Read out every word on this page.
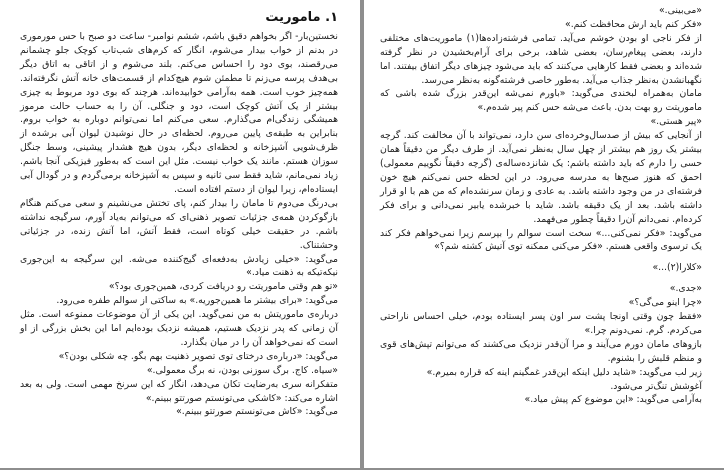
۱. ماموریت

نخستین‌بار- اگر بخواهم دقیق باشم، ششم نوامبر- ساعت دو صبح با حس مورموری در بدنم از خواب بیدار می‌شوم، انگار که کرم‌های شب‌تاب کوچک جلو چشمانم می‌رقصند، بوی دود را احساس می‌کنم. بلند می‌شوم و از اتاقی به اتاق دیگر بی‌هدف پرسه می‌زنم تا مطمئن شوم هیچ‌کدام از قسمت‌های خانه آتش نگرفته‌اند. همه‌چیز خوب است. همه به‌آرامی خوابیده‌اند. هرچند که بوی دود مربوط به چیزی بیشتر از یک آتش کوچک است، دود و جنگلی. آن را به حساب حالت مرموز همیشگی زندگی‌ام می‌گذارم. سعی می‌کنم اما نمی‌توانم دوباره به خواب بروم. بنابراین به طبقه‌ی پایین می‌روم. لحظه‌ای در حال نوشیدن لیوان آبی برشده از ظرف‌شویی آشپزخانه و لحظه‌ای دیگر، بدون هیچ هشدار پیشینی، وسط جنگل سوزان هستم. مانند یک خواب نیست. مثل این است که به‌طور فیزیکی آنجا باشم. زیاد نمی‌مانم، شاید فقط سی ثانیه و سپس به آشپزخانه برمی‌گردم و در گودال آبی ایستاده‌ام، زیرا لیوان از دستم افتاده است.

بی‌درنگ می‌دوم تا مامان را بیدار کنم، پای تختش می‌نشینم و سعی می‌کنم هنگام بازگوکردن همه‌ی جزئیات تصویر ذهنی‌ای که می‌توانم به‌یاد آورم، سرگیجه نداشته باشم. در حقیقت خیلی کوتاه است، فقط آتش، اما آتش زنده، در جزئیاتی وحشتناک.

می‌گوید: «خیلی زیادش به‌دفعه‌ای گیج‌کننده می‌شه. این سرگیجه به این‌جوری نیکه‌تیکه به ذهنت میاد.»

«تو هم وقتی ماموریتت رو دریافت کردی، همین‌جوری بود؟»

می‌گوید: «برای بیشتر ما همین‌جوریه.» به ساکتی از سوالم طفره می‌رود.

درباره‌ی ماموریتش به من نمی‌گوید. این یکی از آن موضوعات ممنوعه است. مثل آن زمانی که پدر نزدیک هستیم، همیشه نزدیک بوده‌ایم اما این بخش بزرگی از او است که نمی‌خواهد آن را در میان بگذارد.

می‌گوید: «درباره‌ی درختای توی تصویر ذهنیت بهم بگو. چه شکلی بودن؟»

«سیاه. کاج. برگ سوزنی بودن، نه برگ معمولی.»

متفکرانه سری به‌رضایت تکان می‌دهد، انگار که این سرنخ مهمی است. ولی به بعد اشاره می‌کند: «کاشکی می‌تونستم صورتتو ببینم.»

می‌گوید: «کاش می‌تونستم صورتتو ببینم.»

«می‌بینی.»

«فکر کنم باید ارش محافظت کنم.»

از فکر ناجی او بودن خوشم می‌آید. تمامی فرشته‌زاده‌ها(۱) ماموریت‌های مختلفی دارند، بعضی پیغام‌رسان، بعضی شاهد، برخی برای آرام‌بخشیدن در نظر گرفته شده‌اند و بعضی فقط کارهایی می‌کنند که باید می‌شود چیزهای دیگر اتفاق بیفتند. اما نگهبانشدن به‌نظر جذاب می‌آید. به‌طور خاصی فرشته‌گونه به‌نظر می‌رسد.

مامان به‌همراه لبخندی می‌گوید: «باورم نمی‌شه این‌قدر بزرگ شده باشی که ماموریتت رو بهت بدن. باعث می‌شه حس کنم پیر شده‌م.»

«پیر هستی.»

از آنجایی که بیش از صدسال‌وخرده‌ای سن دارد، نمی‌تواند با آن مخالفت کند. گرچه بیشتر یک روز هم بیشتر از چهل سال به‌نظر نمی‌آید. از طرف دیگر من دقیقاً همان حسی را دارم که باید داشته باشم: یک شانزده‌ساله‌ی (گرچه دقیقاً نگوییم معمولی) احمق که هنوز صبح‌ها به مدرسه می‌رود. در این لحظه حس نمی‌کنم هیچ خون فرشته‌ای در من وجود داشته باشد. به عادی و زمان سرنشده‌ام که من هم با او قرار داشته باشد. بعد از یک دقیقه باشد. شاید با خبرشده یابیر نمی‌دانی و برای فکر کرده‌ام. نمی‌دانم آن‌را دقیقاً چطور می‌فهمد.

می‌گوید: «فکر نمی‌کنی...» سخت است سوالم را بپرسم زیرا نمی‌خواهم فکر کند یک ترسوی واقعی هستم. «فکر می‌کنی ممکنه توی آتیش کشته شم؟»

«کلارا(۲)...»

«جدی.»

«چرا اینو می‌گی؟»

«فقط چون وقتی اونجا پشت سر اون پسر ایستاده بودم، خیلی احساس ناراحتی می‌کردم. گرم. نمی‌دونم چرا.»

بازوهای مامان دورم می‌آیند و مرا آن‌قدر نزدیک می‌کشند که می‌توانم تپش‌های قوی و منظم قلبش را بشنوم.

زیر لب می‌گوید: «شاید دلیل اینکه این‌قدر غمگینم اینه که قراره بمیرم.»

آغوشش تنگ‌تر می‌شود.

به‌آرامی می‌گوید: «این موضوع کم پیش میاد.»
